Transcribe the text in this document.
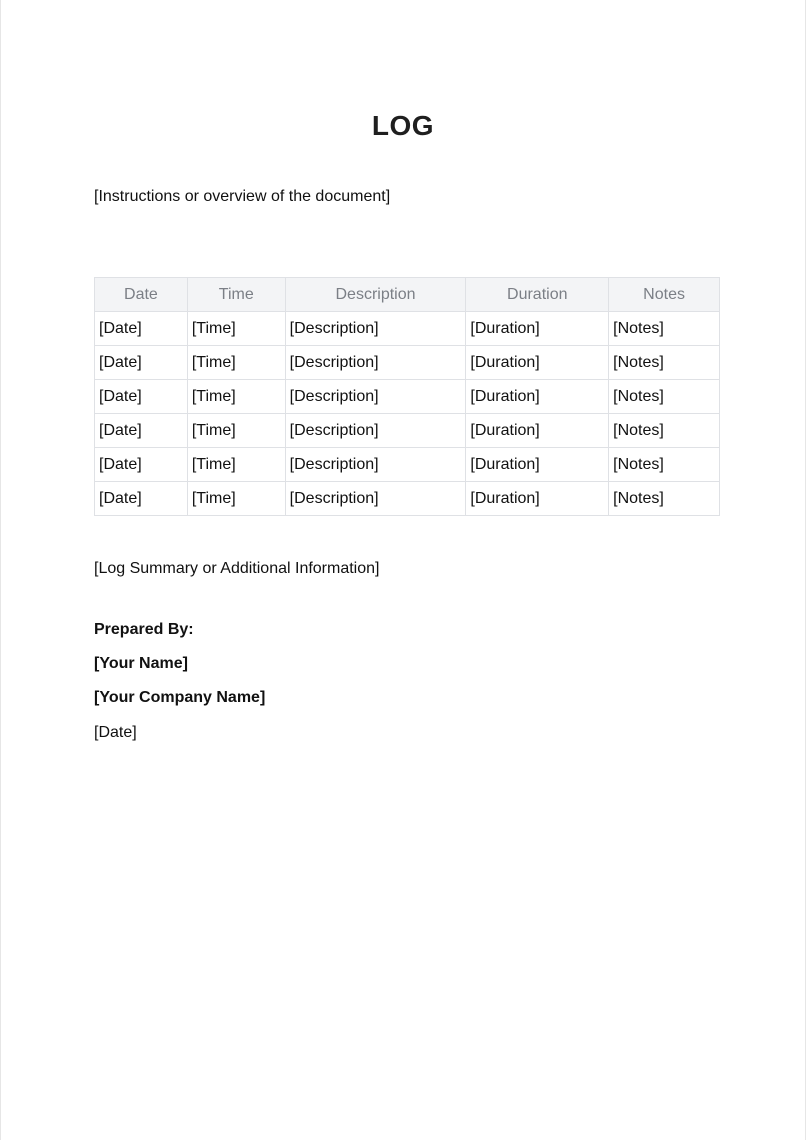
LOG
[Instructions or overview of the document]
Date	Time	Description	Duration	Notes
[Date]	[Time]	[Description]	[Duration]	[Notes]
[Date]	[Time]	[Description]	[Duration]	[Notes]
[Date]	[Time]	[Description]	[Duration]	[Notes]
[Date]	[Time]	[Description]	[Duration]	[Notes]
[Date]	[Time]	[Description]	[Duration]	[Notes]
[Date]	[Time]	[Description]	[Duration]	[Notes]
[Log Summary or Additional Information]
Prepared By:
[Your Name]
[Your Company Name]
[Date]
